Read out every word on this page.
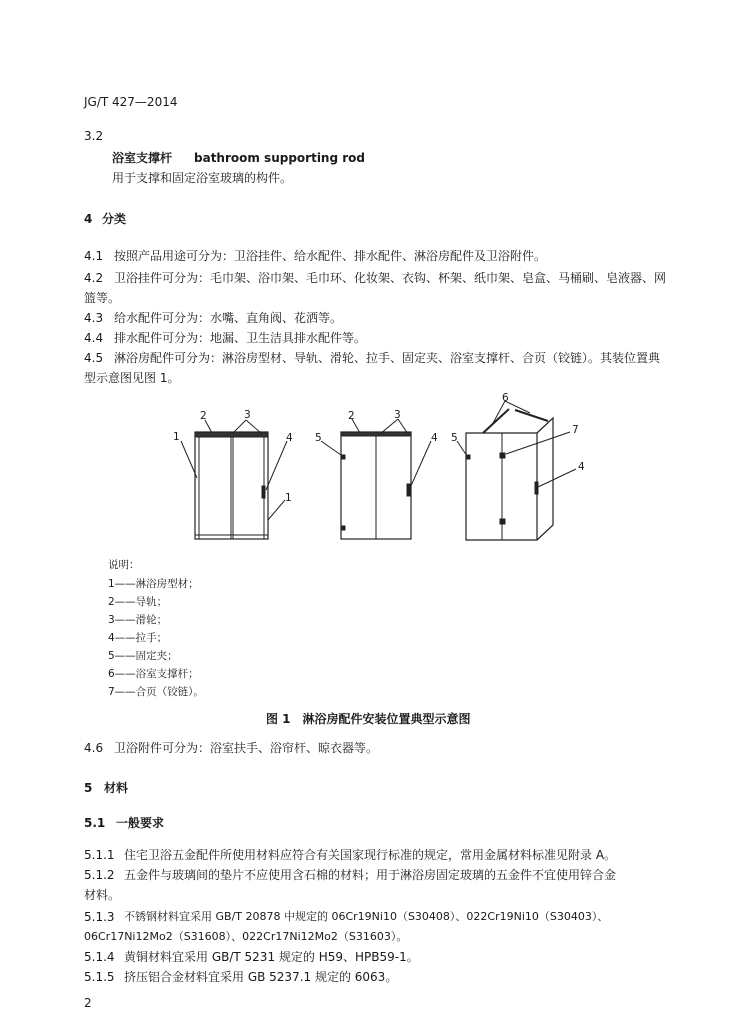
JG/T 427—2014
3.2
浴室支撑杆 bathroom supporting rod
用于支撑和固定浴室玻璃的构件。
4 分类
4.1 按照产品用途可分为：卫浴挂件、给水配件、排水配件、淋浴房配件及卫浴附件。
4.2 卫浴挂件可分为：毛巾架、浴巾架、毛巾环、化妆架、衣钩、杯架、纸巾架、皂盒、马桶刷、皂液器、网
篮等。
4.3 给水配件可分为：水嘴、直角阀、花洒等。
4.4 排水配件可分为：地漏、卫生洁具排水配件等。
4.5 淋浴房配件可分为：淋浴房型材、导轨、滑轮、拉手、固定夹、浴室支撑杆、合页（铰链）。其装位置典
型示意图见图 1。
1
2	3
4
1
5
2	3
4
6
5
7
4
说明：
1——淋浴房型材；
2——导轨；
3——滑轮；
4——拉手；
5——固定夹；
6——浴室支撑杆；
7——合页（铰链）。
图 1　淋浴房配件安装位置典型示意图
4.6 卫浴附件可分为：浴室扶手、浴帘杆、晾衣器等。
5 材料
5.1 一般要求
5.1.1 住宅卫浴五金配件所使用材料应符合有关国家现行标准的规定，常用金属材料标准见附录 A。
5.1.2 五金件与玻璃间的垫片不应使用含石棉的材料；用于淋浴房固定玻璃的五金件不宜使用锌合金
材料。
5.1.3 不锈钢材料宜采用 GB/T 20878 中规定的 06Cr19Ni10（S30408）、022Cr19Ni10（S30403）、
06Cr17Ni12Mo2（S31608）、022Cr17Ni12Mo2（S31603）。
5.1.4 黄铜材料宜采用 GB/T 5231 规定的 H59、HPB59-1。
5.1.5 挤压铝合金材料宜采用 GB 5237.1 规定的 6063。
2
